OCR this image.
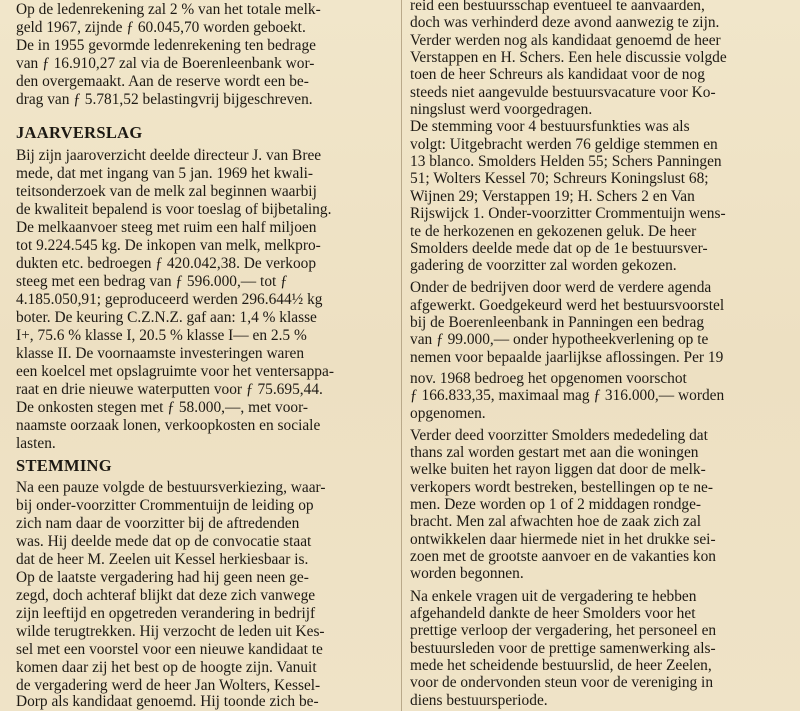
Op de ledenrekening zal 2 % van het totale melk-
geld 1967, zijnde ƒ 60.045,70 worden geboekt.
De in 1955 gevormde ledenrekening ten bedrage
van ƒ 16.910,27 zal via de Boerenleenbank wor-
den overgemaakt. Aan de reserve wordt een be-
drag van ƒ 5.781,52 belastingvrij bijgeschreven.
JAARVERSLAG
Bij zijn jaaroverzicht deelde directeur J. van Bree
mede, dat met ingang van 5 jan. 1969 het kwali-
teitsonderzoek van de melk zal beginnen waarbij
de kwaliteit bepalend is voor toeslag of bijbetaling.
De melkaanvoer steeg met ruim een half miljoen
tot 9.224.545 kg. De inkopen van melk, melkpro-
dukten etc. bedroegen ƒ 420.042,38. De verkoop
steeg met een bedrag van ƒ 596.000,— tot ƒ
4.185.050,91; geproduceerd werden 296.644½ kg
boter. De keuring C.Z.N.Z. gaf aan: 1,4 % klasse
I+, 75.6 % klasse I, 20.5 % klasse I— en 2.5 %
klasse II. De voornaamste investeringen waren
een koelcel met opslagruimte voor het ventersappa-
raat en drie nieuwe waterputten voor ƒ 75.695,44.
De onkosten stegen met ƒ 58.000,—, met voor-
naamste oorzaak lonen, verkoopkosten en sociale
lasten.
STEMMING
Na een pauze volgde de bestuursverkiezing, waar-
bij onder-voorzitter Crommentuijn de leiding op
zich nam daar de voorzitter bij de aftredenden
was. Hij deelde mede dat op de convocatie staat
dat de heer M. Zeelen uit Kessel herkiesbaar is.
Op de laatste vergadering had hij geen neen ge-
zegd, doch achteraf blijkt dat deze zich vanwege
zijn leeftijd en opgetreden verandering in bedrijf
wilde terugtrekken. Hij verzocht de leden uit Kes-
sel met een voorstel voor een nieuwe kandidaat te
komen daar zij het best op de hoogte zijn. Vanuit
de vergadering werd de heer Jan Wolters, Kessel-
Dorp als kandidaat genoemd. Hij toonde zich be-
reid een bestuursschap eventueel te aanvaarden,
doch was verhinderd deze avond aanwezig te zijn.
Verder werden nog als kandidaat genoemd de heer
Verstappen en H. Schers. Een hele discussie volgde
toen de heer Schreurs als kandidaat voor de nog
steeds niet aangevulde bestuursvacature voor Ko-
ningslust werd voorgedragen.
De stemming voor 4 bestuursfunkties was als
volgt: Uitgebracht werden 76 geldige stemmen en
13 blanco. Smolders Helden 55; Schers Panningen
51; Wolters Kessel 70; Schreurs Koningslust 68;
Wijnen 29; Verstappen 19; H. Schers 2 en Van
Rijswijck 1. Onder-voorzitter Crommentuijn wens-
te de herkozenen en gekozenen geluk. De heer
Smolders deelde mede dat op de 1e bestuursver-
gadering de voorzitter zal worden gekozen.
Onder de bedrijven door werd de verdere agenda
afgewerkt. Goedgekeurd werd het bestuursvoorstel
bij de Boerenleenbank in Panningen een bedrag
van ƒ 99.000,— onder hypotheekverlening op te
nemen voor bepaalde jaarlijkse aflossingen. Per 19
nov. 1968 bedroeg het opgenomen voorschot
ƒ 166.833,35, maximaal mag ƒ 316.000,— worden
opgenomen.
Verder deed voorzitter Smolders mededeling dat
thans zal worden gestart met aan die woningen
welke buiten het rayon liggen dat door de melk-
verkopers wordt bestreken, bestellingen op te ne-
men. Deze worden op 1 of 2 middagen rondge-
bracht. Men zal afwachten hoe de zaak zich zal
ontwikkelen daar hiermede niet in het drukke sei-
zoen met de grootste aanvoer en de vakanties kon
worden begonnen.
Na enkele vragen uit de vergadering te hebben
afgehandeld dankte de heer Smolders voor het
prettige verloop der vergadering, het personeel en
bestuursleden voor de prettige samenwerking als-
mede het scheidende bestuurslid, de heer Zeelen,
voor de ondervonden steun voor de vereniging in
diens bestuursperiode.
